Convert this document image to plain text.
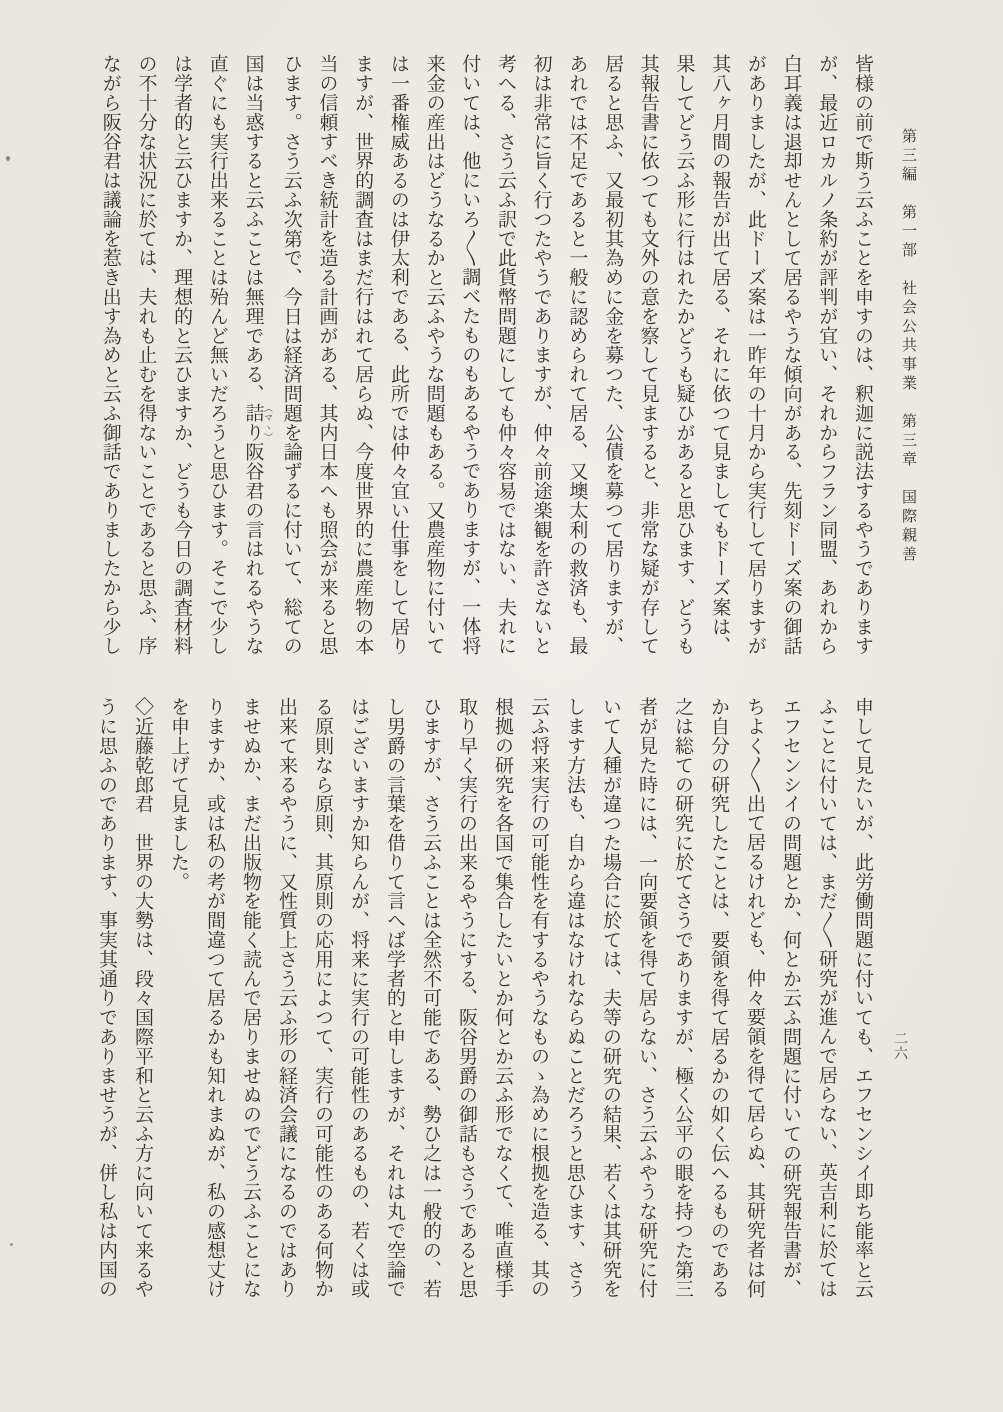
第三編　第一部　社会公共事業　第三章　国際親善
二六
皆様の前で斯う云ふことを申すのは、釈迦に説法するやうであります
が、最近ロカルノ条約が評判が宜い、それからフラン同盟、あれから
白耳義は退却せんとして居るやうな傾向がある、先刻ドーズ案の御話
がありましたが、此ドーズ案は一昨年の十月から実行して居りますが
其八ヶ月間の報告が出て居る、それに依つて見ましてもドーズ案は、
果してどう云ふ形に行はれたかどうも疑ひがあると思ひます、どうも
其報告書に依つても文外の意を察して見ますると、非常な疑が存して
居ると思ふ、又最初其為めに金を募つた、公債を募つて居りますが、
あれでは不足であると一般に認められて居る、又墺太利の救済も、最
初は非常に旨く行つたやうでありますが、仲々前途楽観を許さないと
考へる、さう云ふ訳で此貨幣問題にしても仲々容易ではない、夫れに
付いては、他にいろ〱調べたものもあるやうでありますが、一体将
来金の産出はどうなるかと云ふやうな問題もある。又農産物に付いて
は一番権威あるのは伊太利である、此所では仲々宜い仕事をして居り
ますが、世界的調査はまだ行はれて居らぬ、今度世界的に農産物の本
当の信頼すべき統計を造る計画がある、其内日本へも照会が来ると思
ひます。さう云ふ次第で、今日は経済問題を論ずるに付いて、総ての
国は当惑すると云ふことは無理である、詰り （マヽ）阪谷君の言はれるやうな
直ぐにも実行出来ることは殆んど無いだろうと思ひます。そこで少し
は学者的と云ひますか、理想的と云ひますか、どうも今日の調査材料
の不十分な状況に於ては、夫れも止むを得ないことであると思ふ、序
ながら阪谷君は議論を惹き出す為めと云ふ御話でありましたから少し
申して見たいが、此労働問題に付いても、エフセンシイ即ち能率と云
ふことに付いては、まだ〱研究が進んで居らない、英吉利に於ては
エフセンシイの問題とか、何とか云ふ問題に付いての研究報告書が、
ちよく〱出て居るけれども、仲々要領を得て居らぬ、其研究者は何
か自分の研究したことは、要領を得て居るかの如く伝へるものである
之は総ての研究に於てさうでありますが、極く公平の眼を持つた第三
者が見た時には、一向要領を得て居らない、さう云ふやうな研究に付
いて人種が違つた場合に於ては、夫等の研究の結果、若くは其研究を
します方法も、自から違はなけれならぬことだろうと思ひます、さう
云ふ将来実行の可能性を有するやうなものゝ為めに根拠を造る、其の
根拠の研究を各国で集合したいとか何とか云ふ形でなくて、唯直様手
取り早く実行の出来るやうにする、阪谷男爵の御話もさうであると思
ひますが、さう云ふことは全然不可能である、勢ひ之は一般的の、若
し男爵の言葉を借りて言へば学者的と申しますが、それは丸で空論で
はございますか知らんが、将来に実行の可能性のあるもの、若くは或
る原則なら原則、其原則の応用によつて、実行の可能性のある何物か
出来て来るやうに、又性質上さう云ふ形の経済会議になるのではあり
ませぬか、まだ出版物を能く読んで居りませぬのでどう云ふことにな
りますか、或は私の考が間違つて居るかも知れまぬが、私の感想丈け
を申上げて見ました。
◇近藤乾郎君　世界の大勢は、段々国際平和と云ふ方に向いて来るや
うに思ふのであります、事実其通りでありませうが、併し私は内国の
